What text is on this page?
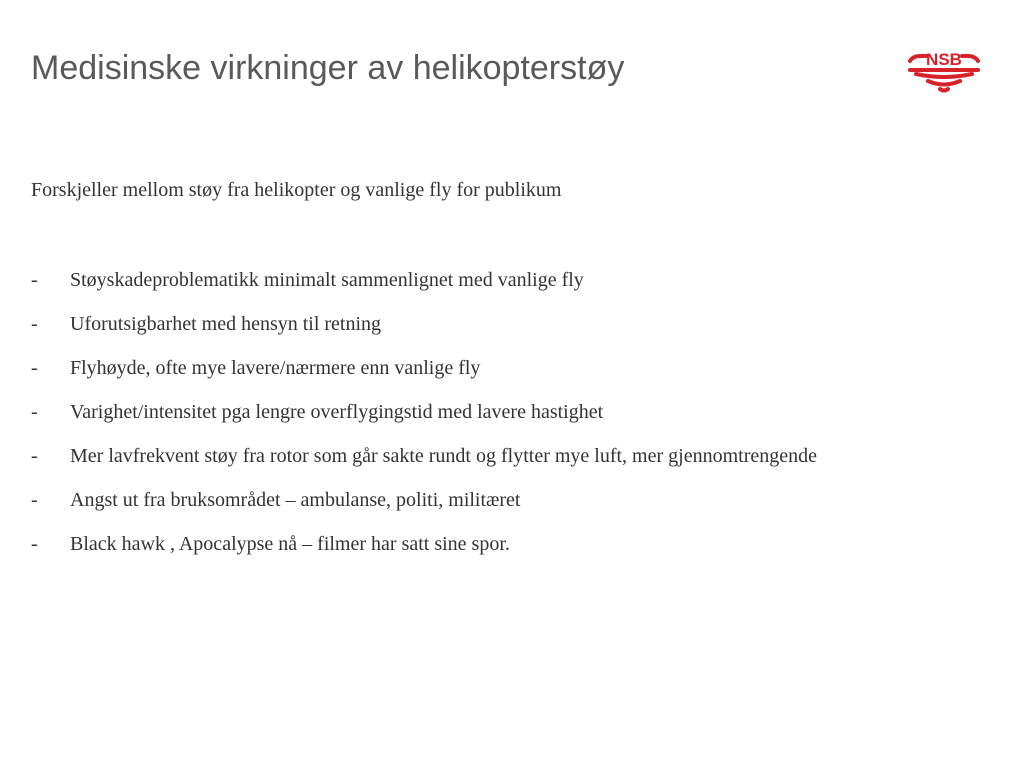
Medisinske virkninger av helikopterstøy	NSB

Forskjeller mellom støy fra helikopter og vanlige fly for publikum

- Støyskadeproblematikk minimalt sammenlignet med vanlige fly
- Uforutsigbarhet med hensyn til retning
- Flyhøyde, ofte mye lavere/nærmere enn vanlige fly
- Varighet/intensitet pga lengre overflygingstid med lavere hastighet
- Mer lavfrekvent støy fra rotor som går sakte rundt og flytter mye luft, mer gjennomtrengende
- Angst ut fra bruksområdet – ambulanse, politi, militæret
- Black hawk , Apocalypse nå – filmer har satt sine spor.
